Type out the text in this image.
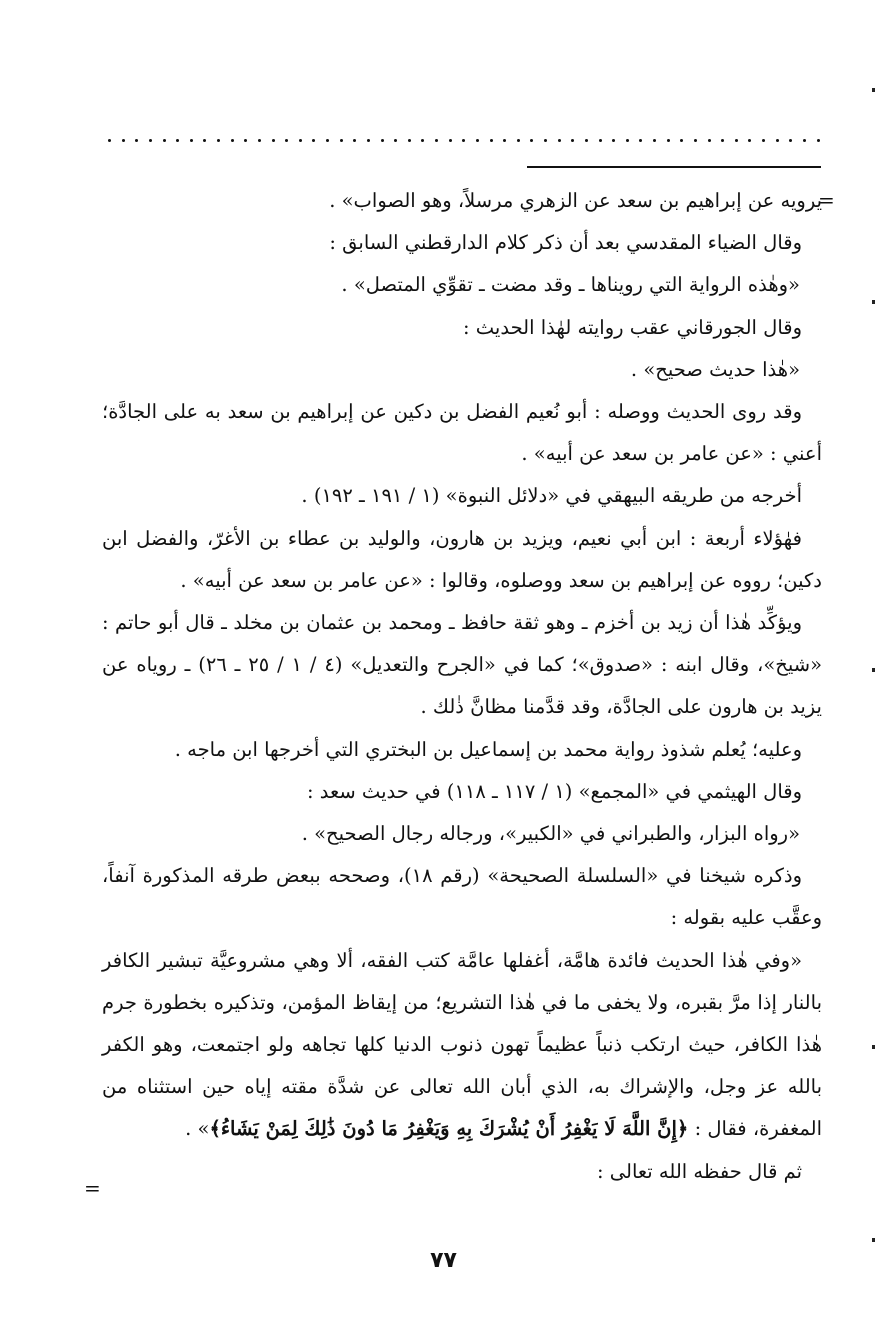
=

يرويه عن إبراهيم بن سعد عن الزهري مرسلاً، وهو الصواب» .

وقال الضياء المقدسي بعد أن ذكر كلام الدارقطني السابق :

«وهٰذه الرواية التي رويناها ـ وقد مضت ـ تقوِّي المتصل» .

وقال الجورقاني عقب روايته لهٰذا الحديث :

«هٰذا حديث صحيح» .

وقد روى الحديث ووصله : أبو نُعيم الفضل بن دكين عن إبراهيم بن سعد به على الجادَّة؛ أعني : «عن عامر بن سعد عن أبيه» .

أخرجه من طريقه البيهقي في «دلائل النبوة» (١ / ١٩١ ـ ١٩٢) .

فهٰؤلاء أربعة : ابن أبي نعيم، ويزيد بن هارون، والوليد بن عطاء بن الأغرّ، والفضل ابن دكين؛ رووه عن إبراهيم بن سعد ووصلوه، وقالوا : «عن عامر بن سعد عن أبيه» .

ويؤكِّد هٰذا أن زيد بن أخزم ـ وهو ثقة حافظ ـ ومحمد بن عثمان بن مخلد ـ قال أبو حاتم : «شيخ»، وقال ابنه : «صدوق»؛ كما في «الجرح والتعديل» (٤ / ١ / ٢٥ ـ ٢٦) ـ روياه عن يزيد بن هارون على الجادَّة، وقد قدَّمنا مظانَّ ذٰلك .

وعليه؛ يُعلم شذوذ رواية محمد بن إسماعيل بن البختري التي أخرجها ابن ماجه .

وقال الهيثمي في «المجمع» (١ / ١١٧ ـ ١١٨) في حديث سعد :

«رواه البزار، والطبراني في «الكبير»، ورجاله رجال الصحيح» .

وذكره شيخنا في «السلسلة الصحيحة» (رقم ١٨)، وصححه ببعض طرقه المذكورة آنفاً، وعقَّب عليه بقوله :

«وفي هٰذا الحديث فائدة هامَّة، أغفلها عامَّة كتب الفقه، ألا وهي مشروعيَّة تبشير الكافر بالنار إذا مرَّ بقبره، ولا يخفى ما في هٰذا التشريع؛ من إيقاظ المؤمن، وتذكيره بخطورة جرم هٰذا الكافر، حيث ارتكب ذنباً عظيماً تهون ذنوب الدنيا كلها تجاهه ولو اجتمعت، وهو الكفر بالله عز وجل، والإشراك به، الذي أبان الله تعالى عن شدَّة مقته إياه حين استثناه من المغفرة، فقال : ﴿إِنَّ اللَّهَ لَا يَغْفِرُ أَنْ يُشْرَكَ بِهِ وَيَغْفِرُ مَا دُونَ ذَٰلِكَ لِمَنْ يَشَاءُ﴾» .

ثم قال حفظه الله تعالى :

=
٧٧
